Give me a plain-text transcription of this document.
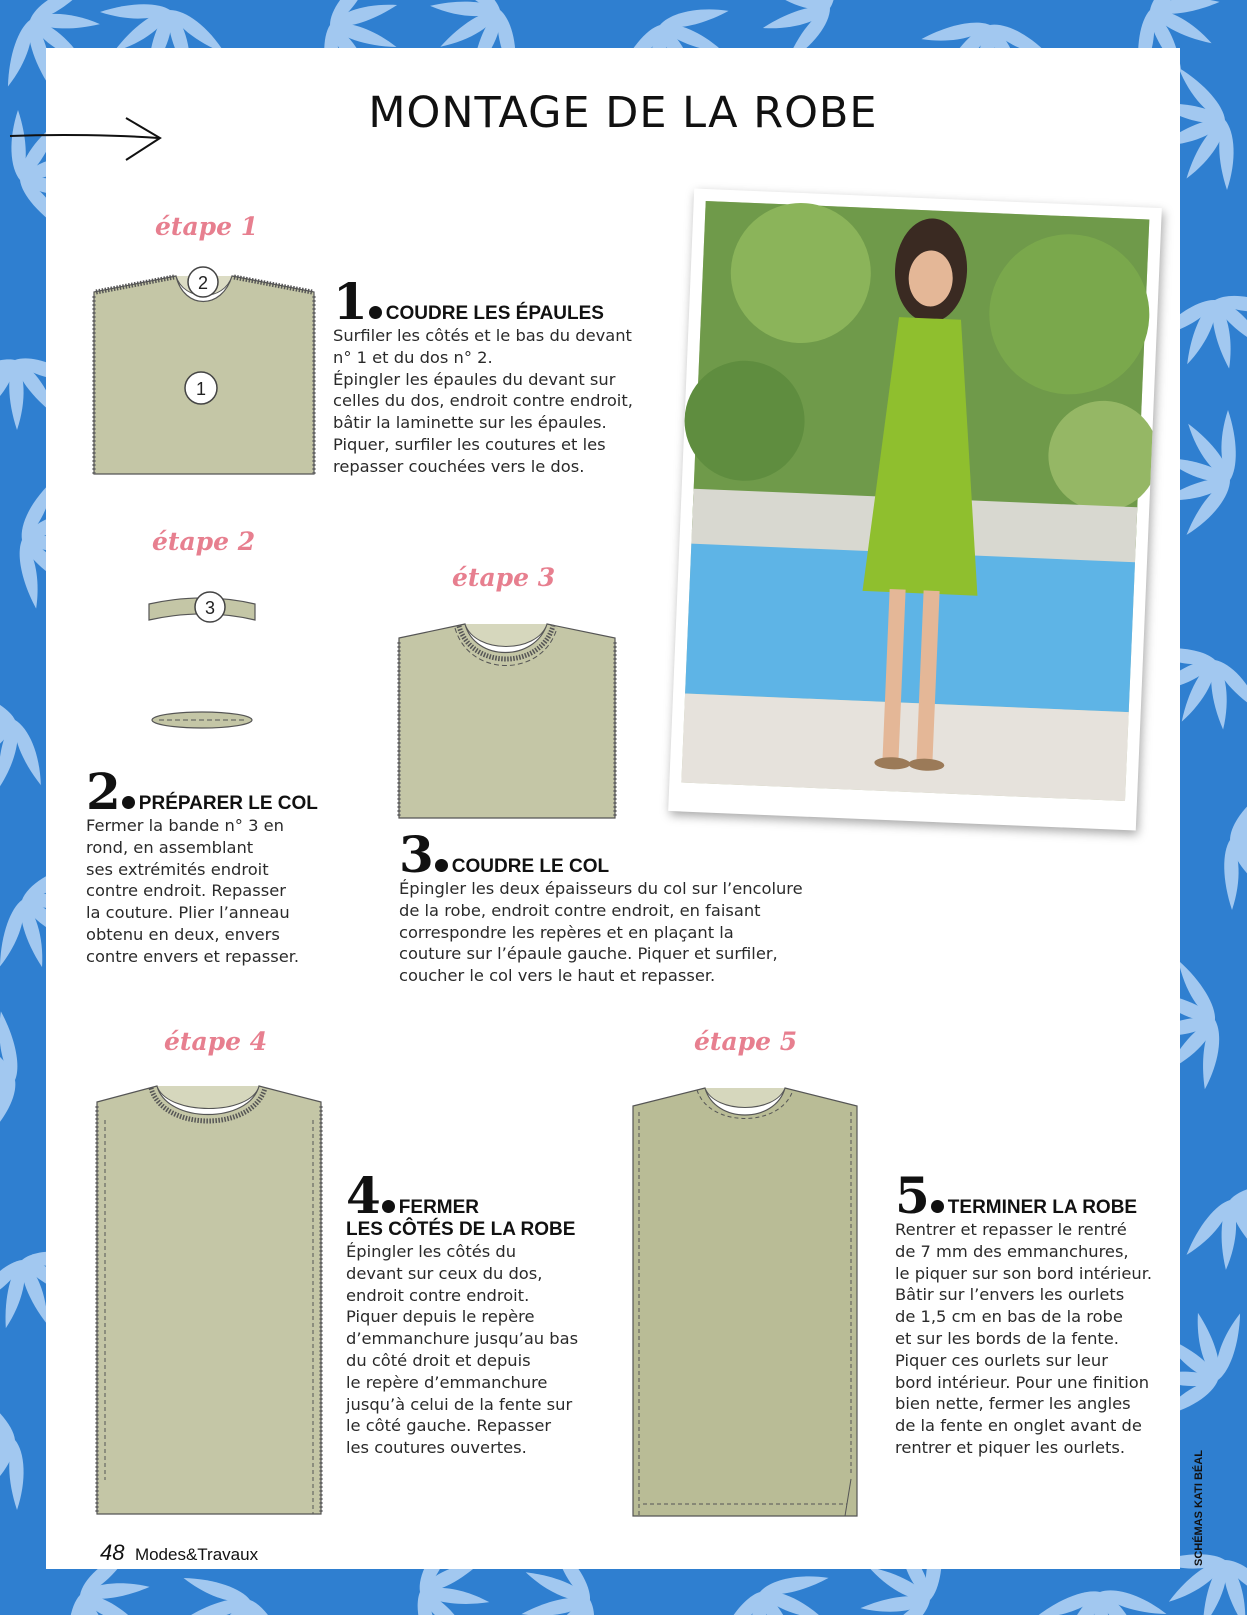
MONTAGE DE LA ROBE
étape 1
étape 2
étape 3
étape 4	étape 5
2
1
1 COUDRE LES ÉPAULES
Surfiler les côtés et le bas du devant
n° 1 et du dos n° 2.
Épingler les épaules du devant sur
celles du dos, endroit contre endroit,
bâtir la laminette sur les épaules.
Piquer, surfiler les coutures et les
repasser couchées vers le dos.
3
2 PRÉPARER LE COL
Fermer la bande n° 3 en
rond, en assemblant
ses extrémités endroit
contre endroit. Repasser
la couture. Plier l’anneau
obtenu en deux, envers
contre envers et repasser.
3 COUDRE LE COL
Épingler les deux épaisseurs du col sur l’encolure
de la robe, endroit contre endroit, en faisant
correspondre les repères et en plaçant la
couture sur l’épaule gauche. Piquer et surfiler,
coucher le col vers le haut et repasser.
4 FERMER
LES CÔTÉS DE LA ROBE
Épingler les côtés du
devant sur ceux du dos,
endroit contre endroit.
Piquer depuis le repère
d’emmanchure jusqu’au bas
du côté droit et depuis
le repère d’emmanchure
jusqu’à celui de la fente sur
le côté gauche. Repasser
les coutures ouvertes.
5 TERMINER LA ROBE
Rentrer et repasser le rentré
de 7 mm des emmanchures,
le piquer sur son bord intérieur.
Bâtir sur l’envers les ourlets
de 1,5 cm en bas de la robe
et sur les bords de la fente.
Piquer ces ourlets sur leur
bord intérieur. Pour une finition
bien nette, fermer les angles
de la fente en onglet avant de
rentrer et piquer les ourlets.
SCHÉMAS KATI BÉAL
48 Modes&Travaux
